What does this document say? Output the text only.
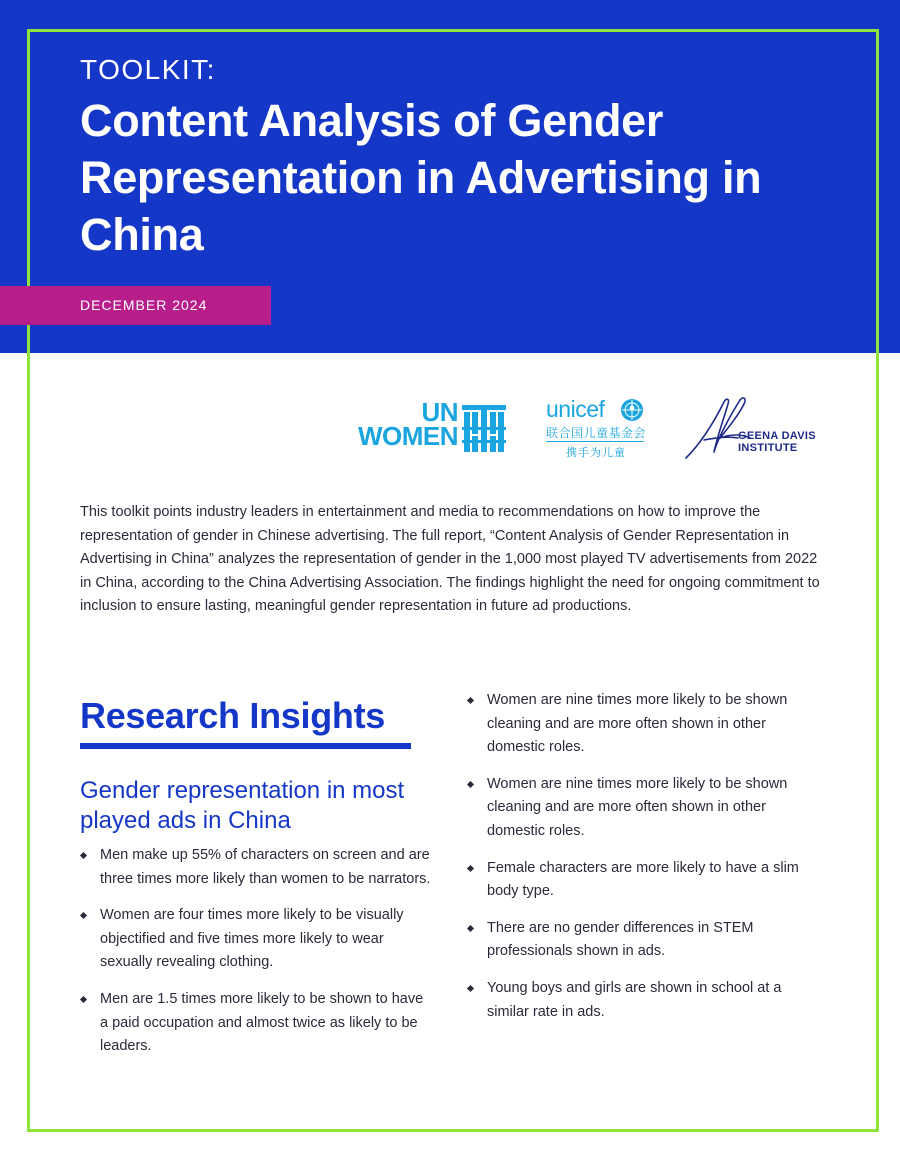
TOOLKIT:
Content Analysis of Gender Representation in Advertising in China
DECEMBER 2024
UN
WOMEN
unicef
联合国儿童基金会
携手为儿童
GEENA DAVIS
INSTITUTE

This toolkit points industry leaders in entertainment and media to recommendations on how to improve the representation of gender in Chinese advertising. The full report, “Content Analysis of Gender Representation in Advertising in China” analyzes the representation of gender in the 1,000 most played TV advertisements from 2022 in China, according to the China Advertising Association. The findings highlight the need for ongoing commitment to inclusion to ensure lasting, meaningful gender representation in future ad productions.

Research Insights
Gender representation in most played ads in China
Men make up 55% of characters on screen and are three times more likely than women to be narrators.
Women are four times more likely to be visually objectified and five times more likely to wear sexually revealing clothing.
Men are 1.5 times more likely to be shown to have a paid occupation and almost twice as likely to be leaders.
Women are nine times more likely to be shown cleaning and are more often shown in other domestic roles.
Women are nine times more likely to be shown cleaning and are more often shown in other domestic roles.
Female characters are more likely to have a slim body type.
There are no gender differences in STEM professionals shown in ads.
Young boys and girls are shown in school at a similar rate in ads.
